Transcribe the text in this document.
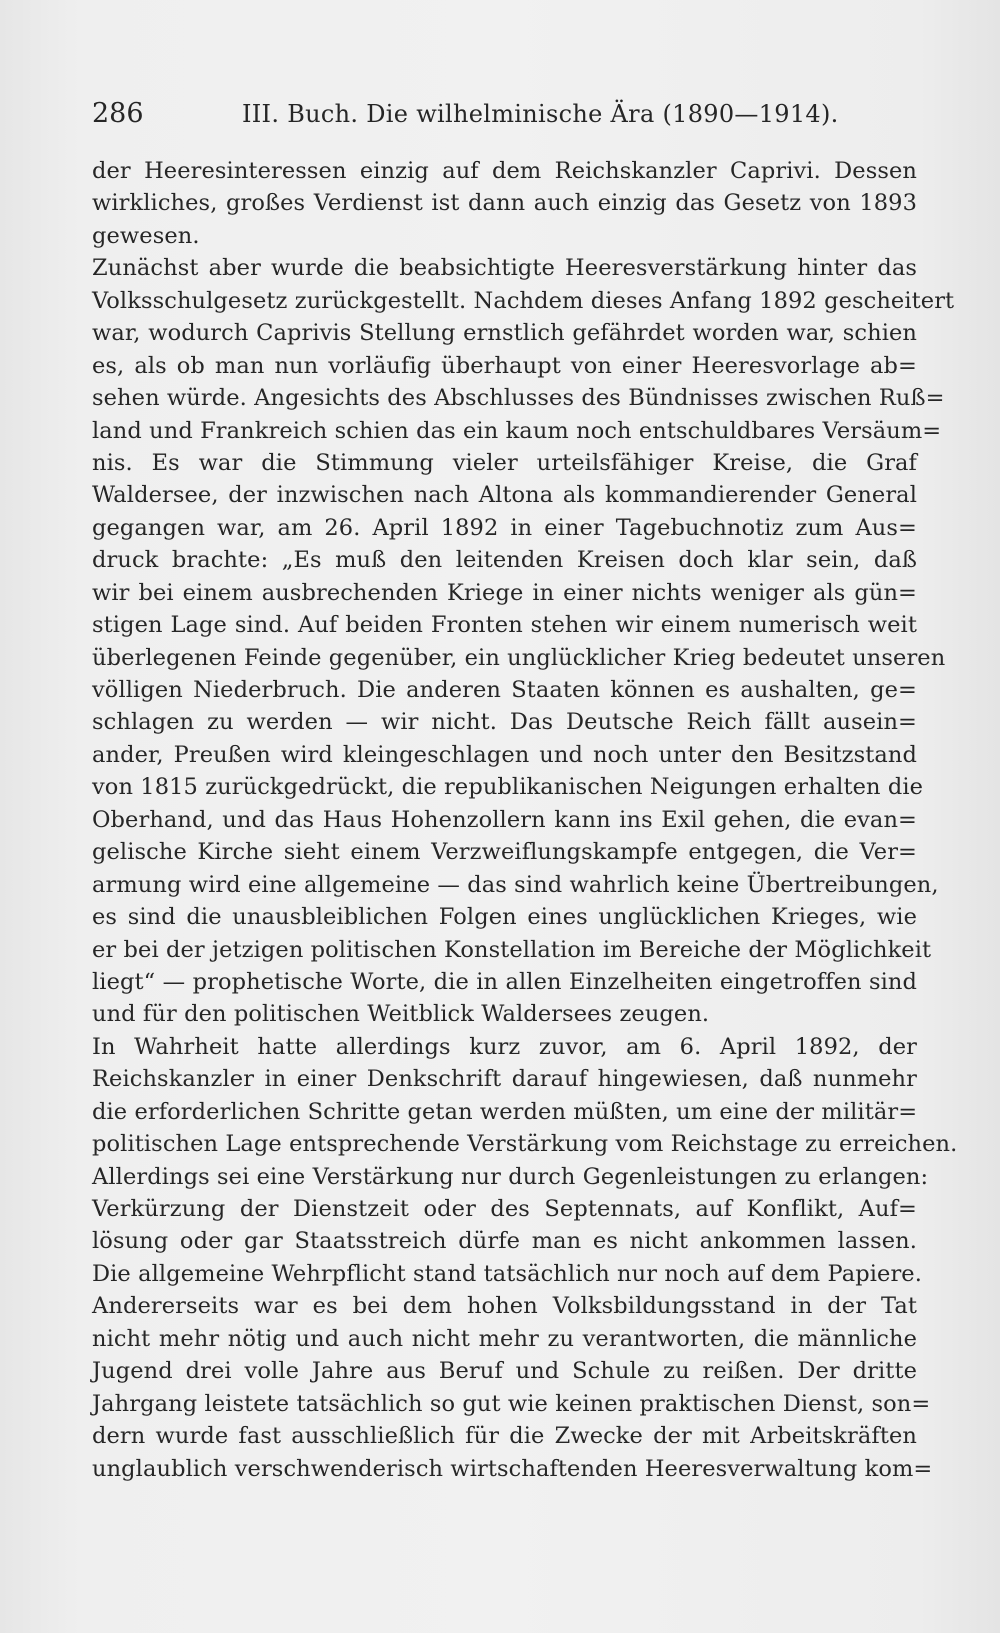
286	III. Buch. Die wilhelminische Ära (1890—1914).
der Heeresinteressen einzig auf dem Reichskanzler Caprivi. Dessen
wirkliches, großes Verdienst ist dann auch einzig das Gesetz von 1893
gewesen.
Zunächst aber wurde die beabsichtigte Heeresverstärkung hinter das
Volksschulgesetz zurückgestellt. Nachdem dieses Anfang 1892 gescheitert
war, wodurch Caprivis Stellung ernstlich gefährdet worden war, schien
es, als ob man nun vorläufig überhaupt von einer Heeresvorlage ab=
sehen würde. Angesichts des Abschlusses des Bündnisses zwischen Ruß=
land und Frankreich schien das ein kaum noch entschuldbares Versäum=
nis. Es war die Stimmung vieler urteilsfähiger Kreise, die Graf
Waldersee, der inzwischen nach Altona als kommandierender General
gegangen war, am 26. April 1892 in einer Tagebuchnotiz zum Aus=
druck brachte: „Es muß den leitenden Kreisen doch klar sein, daß
wir bei einem ausbrechenden Kriege in einer nichts weniger als gün=
stigen Lage sind. Auf beiden Fronten stehen wir einem numerisch weit
überlegenen Feinde gegenüber, ein unglücklicher Krieg bedeutet unseren
völligen Niederbruch. Die anderen Staaten können es aushalten, ge=
schlagen zu werden — wir nicht. Das Deutsche Reich fällt ausein=
ander, Preußen wird kleingeschlagen und noch unter den Besitzstand
von 1815 zurückgedrückt, die republikanischen Neigungen erhalten die
Oberhand, und das Haus Hohenzollern kann ins Exil gehen, die evan=
gelische Kirche sieht einem Verzweiflungskampfe entgegen, die Ver=
armung wird eine allgemeine — das sind wahrlich keine Übertreibungen,
es sind die unausbleiblichen Folgen eines unglücklichen Krieges, wie
er bei der jetzigen politischen Konstellation im Bereiche der Möglichkeit
liegt“ — prophetische Worte, die in allen Einzelheiten eingetroffen sind
und für den politischen Weitblick Waldersees zeugen.
In Wahrheit hatte allerdings kurz zuvor, am 6. April 1892, der
Reichskanzler in einer Denkschrift darauf hingewiesen, daß nunmehr
die erforderlichen Schritte getan werden müßten, um eine der militär=
politischen Lage entsprechende Verstärkung vom Reichstage zu erreichen.
Allerdings sei eine Verstärkung nur durch Gegenleistungen zu erlangen:
Verkürzung der Dienstzeit oder des Septennats, auf Konflikt, Auf=
lösung oder gar Staatsstreich dürfe man es nicht ankommen lassen.
Die allgemeine Wehrpflicht stand tatsächlich nur noch auf dem Papiere.
Andererseits war es bei dem hohen Volksbildungsstand in der Tat
nicht mehr nötig und auch nicht mehr zu verantworten, die männliche
Jugend drei volle Jahre aus Beruf und Schule zu reißen. Der dritte
Jahrgang leistete tatsächlich so gut wie keinen praktischen Dienst, son=
dern wurde fast ausschließlich für die Zwecke der mit Arbeitskräften
unglaublich verschwenderisch wirtschaftenden Heeresverwaltung kom=
